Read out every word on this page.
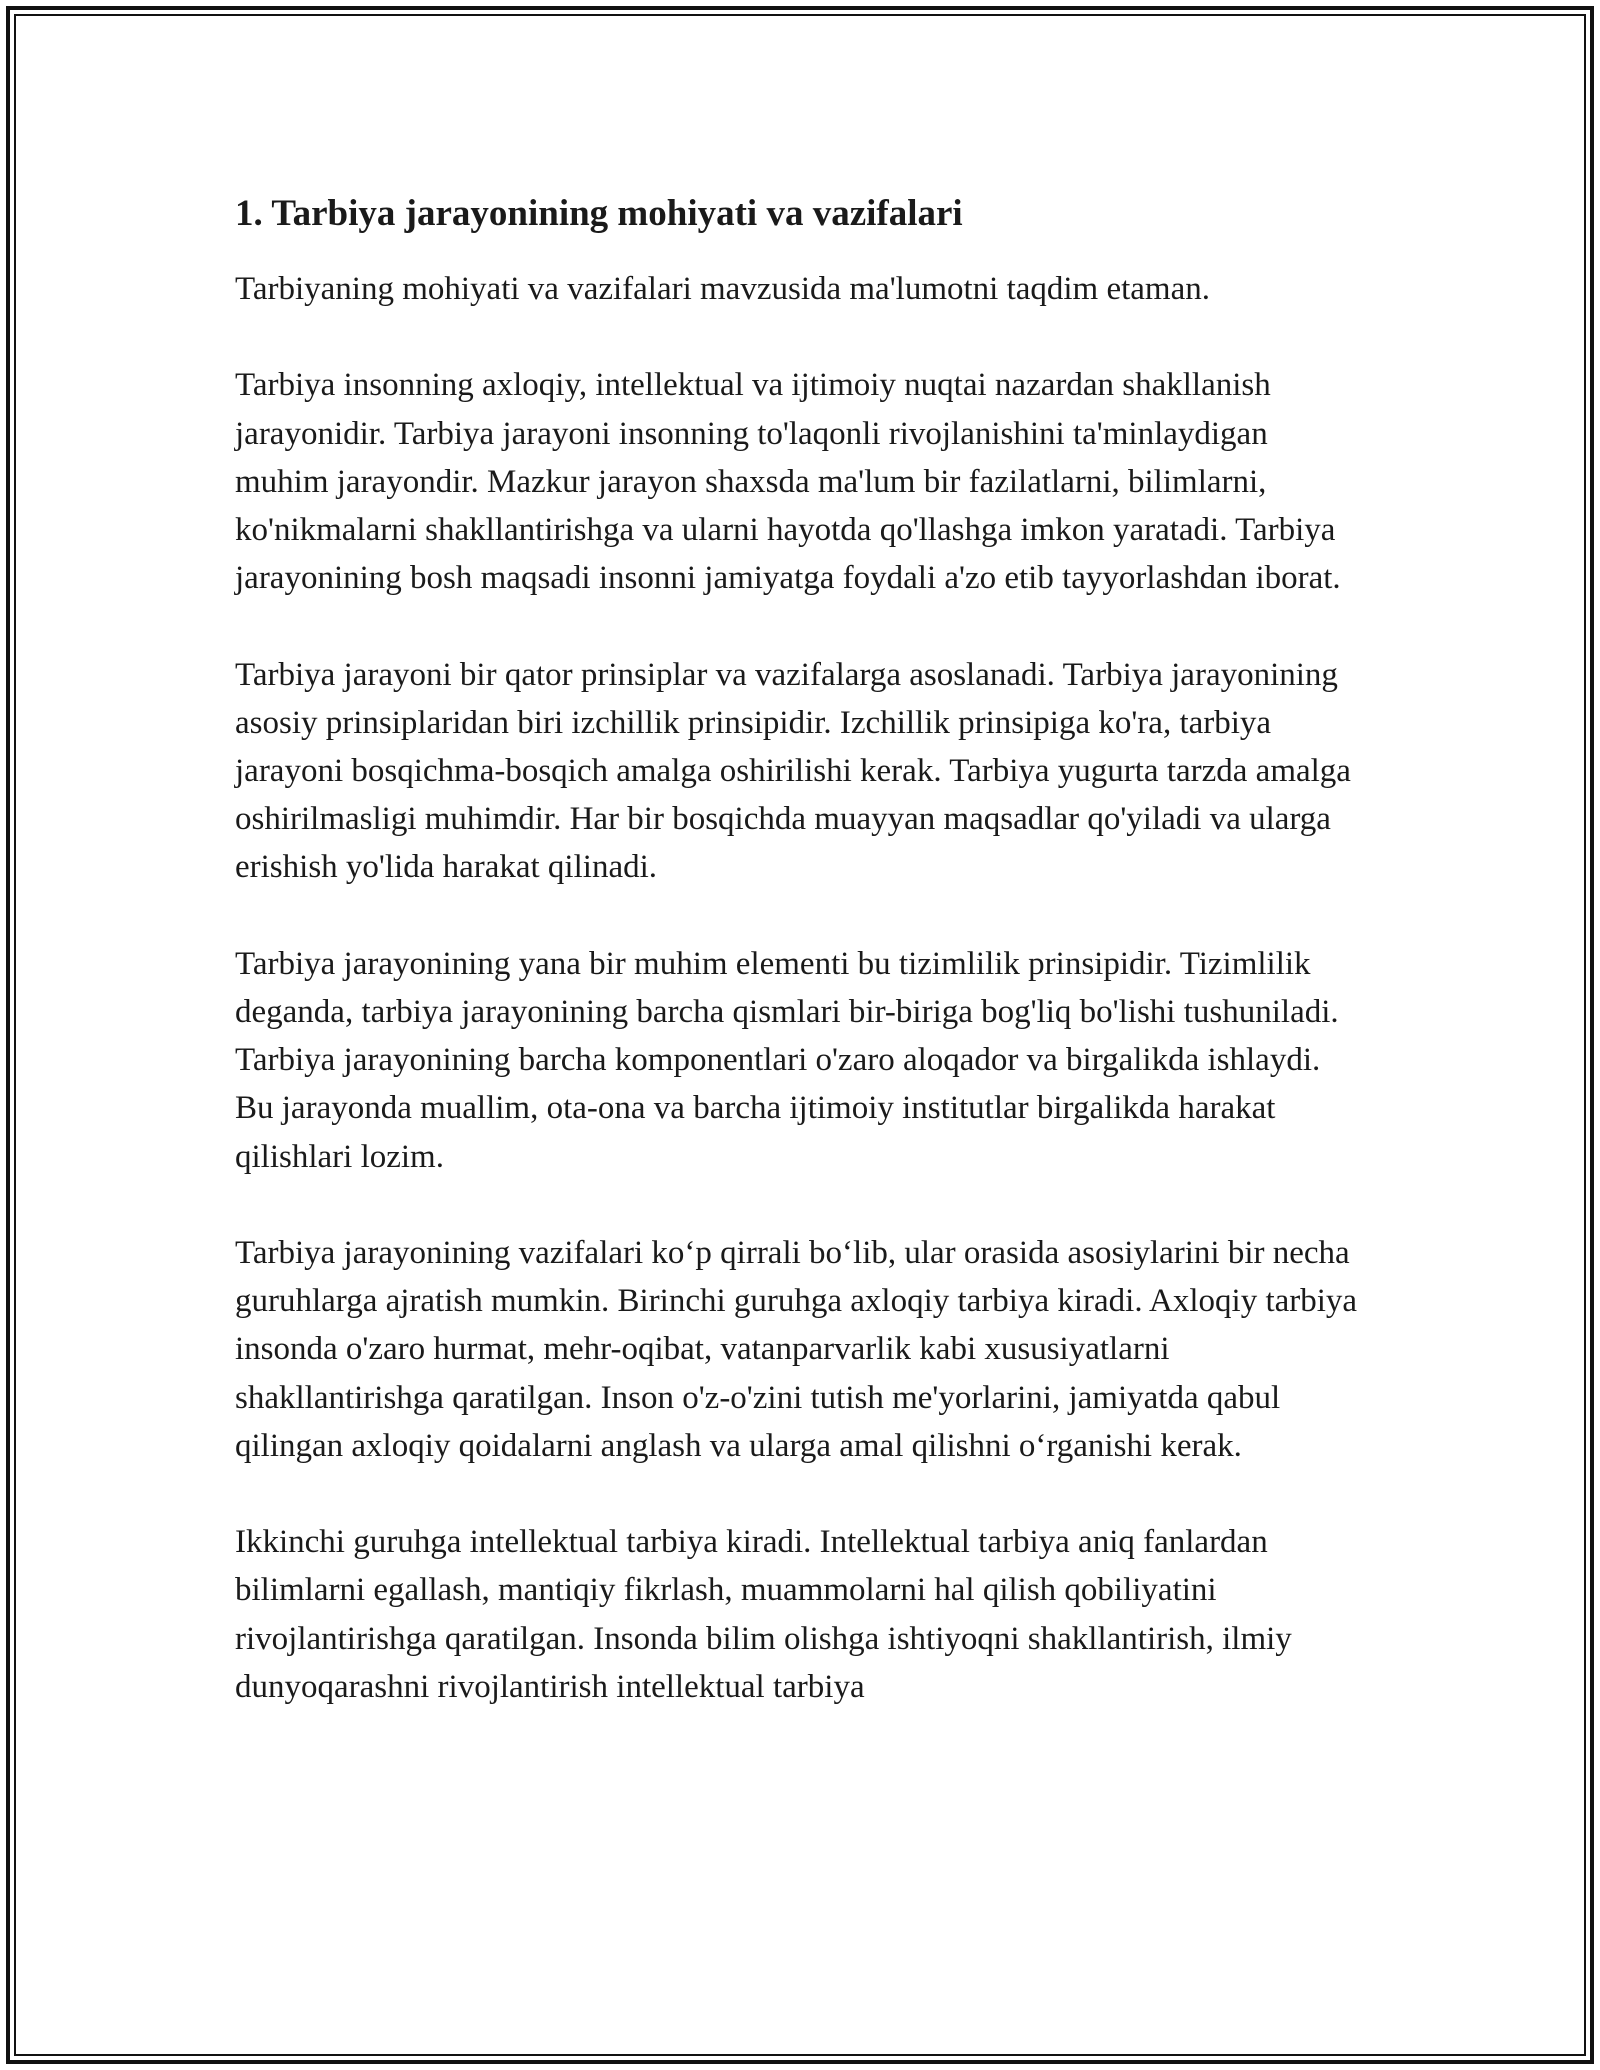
1. Tarbiya jarayonining mohiyati va vazifalari

Tarbiyaning mohiyati va vazifalari mavzusida ma'lumotni taqdim etaman.

Tarbiya insonning axloqiy, intellektual va ijtimoiy nuqtai nazardan shakllanish jarayonidir. Tarbiya jarayoni insonning to'laqonli rivojlanishini ta'minlaydigan muhim jarayondir. Mazkur jarayon shaxsda ma'lum bir fazilatlarni, bilimlarni, ko'nikmalarni shakllantirishga va ularni hayotda qo'llashga imkon yaratadi. Tarbiya jarayonining bosh maqsadi insonni jamiyatga foydali a'zo etib tayyorlashdan iborat.

Tarbiya jarayoni bir qator prinsiplar va vazifalarga asoslanadi. Tarbiya jarayonining asosiy prinsiplaridan biri izchillik prinsipidir. Izchillik prinsipiga ko'ra, tarbiya jarayoni bosqichma-bosqich amalga oshirilishi kerak. Tarbiya yugurta tarzda amalga oshirilmasligi muhimdir. Har bir bosqichda muayyan maqsadlar qo'yiladi va ularga erishish yo'lida harakat qilinadi.

Tarbiya jarayonining yana bir muhim elementi bu tizimlilik prinsipidir. Tizimlilik deganda, tarbiya jarayonining barcha qismlari bir-biriga bog'liq bo'lishi tushuniladi. Tarbiya jarayonining barcha komponentlari o'zaro aloqador va birgalikda ishlaydi. Bu jarayonda muallim, ota-ona va barcha ijtimoiy institutlar birgalikda harakat qilishlari lozim.

Tarbiya jarayonining vazifalari ko‘p qirrali bo‘lib, ular orasida asosiylarini bir necha guruhlarga ajratish mumkin. Birinchi guruhga axloqiy tarbiya kiradi. Axloqiy tarbiya insonda o'zaro hurmat, mehr-oqibat, vatanparvarlik kabi xususiyatlarni shakllantirishga qaratilgan. Inson o'z-o'zini tutish me'yorlarini, jamiyatda qabul qilingan axloqiy qoidalarni anglash va ularga amal qilishni o‘rganishi kerak.

Ikkinchi guruhga intellektual tarbiya kiradi. Intellektual tarbiya aniq fanlardan bilimlarni egallash, mantiqiy fikrlash, muammolarni hal qilish qobiliyatini rivojlantirishga qaratilgan. Insonda bilim olishga ishtiyoqni shakllantirish, ilmiy dunyoqarashni rivojlantirish intellektual tarbiya
